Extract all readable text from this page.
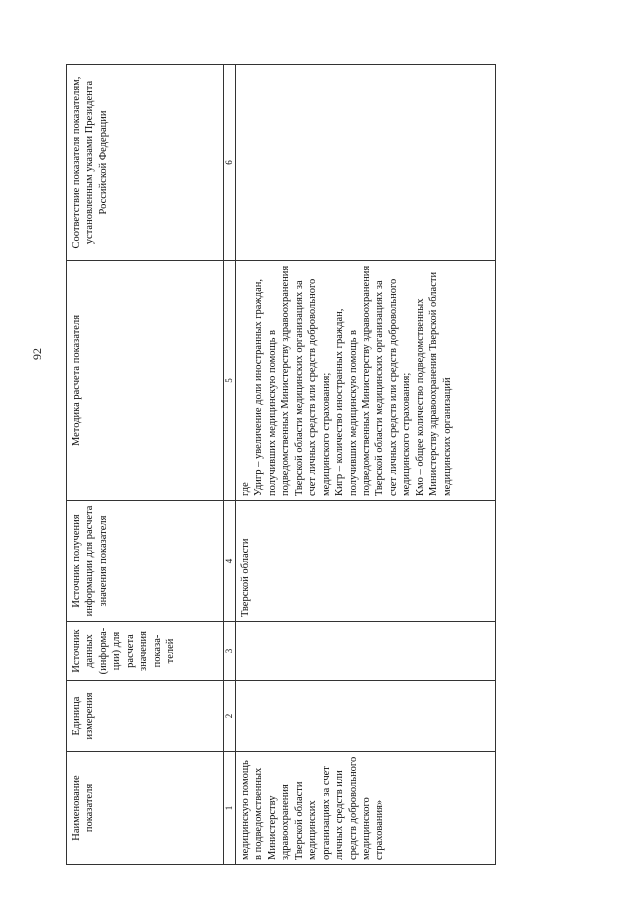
92
Наименование показателя	Единица измерения	Источник данных (информа-ции) для расчета значения показа-телей	Источник получения информации для расчета значения показателя	Методика расчета показателя	Соответствие показателя показателям, установленным указами Президента Российской Федерации
1	2	3	4	5	6
медицинскую помощь в подведомственных Министерству здравоохранения Тверской области медицинских организациях за счет личных средств или средств добровольного медицинского страхования»			Тверской области	где Удигр – увеличение доли иностранных граждан, получивших медицинскую помощь в подведомственных Министерству здравоохранения Тверской области медицинских организациях за счет личных средств или средств добровольного медицинского страхования; Кигр – количество иностранных граждан, получивших медицинскую помощь в подведомственных Министерству здравоохранения Тверской области медицинских организациях за счет личных средств или средств добровольного медицинского страхования; Кмо – общее количество подведомственных Министерству здравоохранения Тверской области медицинских организаций	
